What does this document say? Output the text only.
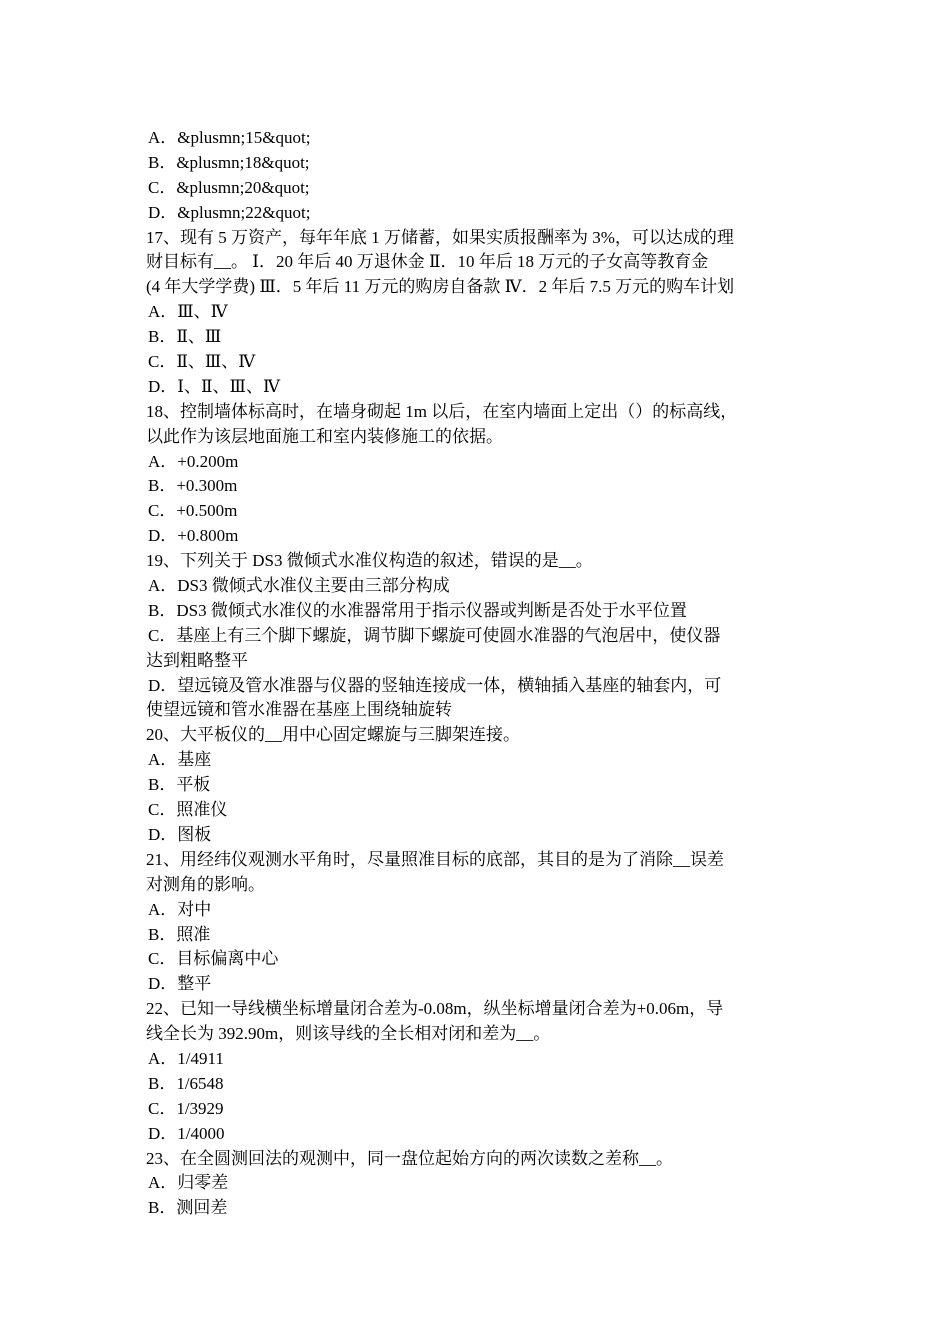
A．&plusmn;15&quot;
B．&plusmn;18&quot;
C．&plusmn;20&quot;
D．&plusmn;22&quot;
17、现有 5 万资产，每年年底 1 万储蓄，如果实质报酬率为 3%，可以达成的理
财目标有__。 Ⅰ．20 年后 40 万退休金 Ⅱ．10 年后 18 万元的子女高等教育金
(4 年大学学费) Ⅲ．5 年后 11 万元的购房自备款 Ⅳ．2 年后 7.5 万元的购车计划
A．Ⅲ、Ⅳ
B．Ⅱ、Ⅲ
C．Ⅱ、Ⅲ、Ⅳ
D．Ⅰ、Ⅱ、Ⅲ、Ⅳ
18、控制墙体标高时，在墙身砌起 1m 以后，在室内墙面上定出（）的标高线，
以此作为该层地面施工和室内装修施工的依据。
A．+0.200m
B．+0.300m
C．+0.500m
D．+0.800m
19、下列关于 DS3 微倾式水准仪构造的叙述，错误的是__。
A．DS3 微倾式水准仪主要由三部分构成
B．DS3 微倾式水准仪的水准器常用于指示仪器或判断是否处于水平位置
C．基座上有三个脚下螺旋，调节脚下螺旋可使圆水准器的气泡居中，使仪器
达到粗略整平
D．望远镜及管水准器与仪器的竖轴连接成一体，横轴插入基座的轴套内，可
使望远镜和管水准器在基座上围绕轴旋转
20、大平板仪的__用中心固定螺旋与三脚架连接。
A．基座
B．平板
C．照准仪
D．图板
21、用经纬仪观测水平角时，尽量照准目标的底部，其目的是为了消除__误差
对测角的影响。
A．对中
B．照准
C．目标偏离中心
D．整平
22、已知一导线横坐标增量闭合差为-0.08m，纵坐标增量闭合差为+0.06m，导
线全长为 392.90m，则该导线的全长相对闭和差为__。
A．1/4911
B．1/6548
C．1/3929
D．1/4000
23、在全圆测回法的观测中，同一盘位起始方向的两次读数之差称__。
A．归零差
B．测回差
